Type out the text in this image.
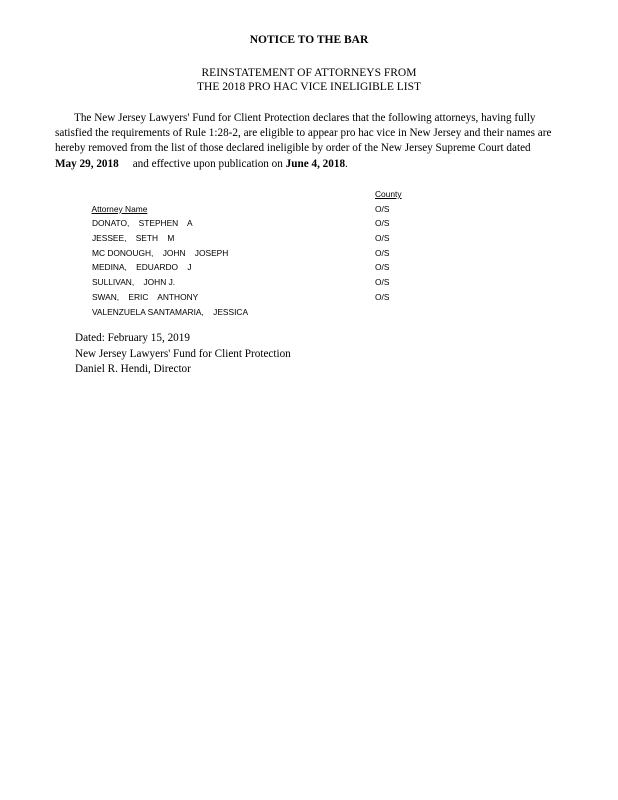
NOTICE TO THE BAR
REINSTATEMENT OF ATTORNEYS FROM
THE 2018 PRO HAC VICE INELIGIBLE LIST
The New Jersey Lawyers' Fund for Client Protection declares that the following attorneys, having fully
satisfied the requirements of Rule 1:28-2, are eligible to appear pro hac vice in New Jersey and their names are
hereby removed from the list of those declared ineligible by order of the New Jersey Supreme Court dated
May 29, 2018 and effective upon publication on June 4, 2018.

Attorney Name

County

DONATO,    STEPHEN    A

O/S

JESSEE,    SETH    M

O/S

MC DONOUGH,    JOHN    JOSEPH

O/S

MEDINA,    EDUARDO    J

O/S

SULLIVAN,    JOHN J.

O/S

SWAN,    ERIC    ANTHONY

O/S

VALENZUELA SANTAMARIA,    JESSICA

O/S

Dated: February 15, 2019
New Jersey Lawyers' Fund for Client Protection
Daniel R. Hendi, Director
